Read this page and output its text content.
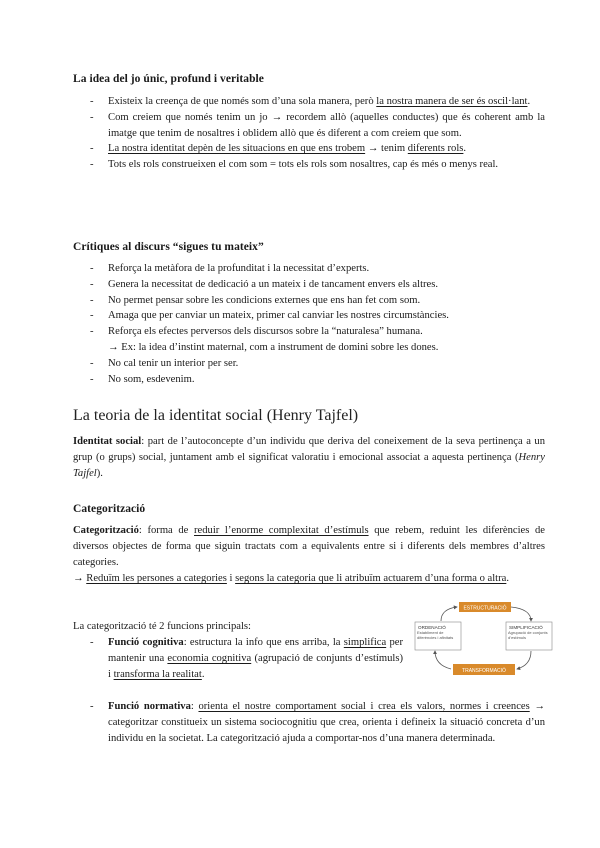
La idea del jo únic, profund i veritable
- Existeix la creença de que només som d’una sola manera, però la nostra manera de ser és oscil·lant.
- Com creiem que només tenim un jo → recordem allò (aquelles conductes) que és coherent amb la imatge que tenim de nosaltres i oblidem allò que és diferent a com creiem que som.
- La nostra identitat depèn de les situacions en que ens trobem → tenim diferents rols.
- Tots els rols construeixen el com som = tots els rols som nosaltres, cap és més o menys real.
Crítiques al discurs “sigues tu mateix”
- Reforça la metàfora de la profunditat i la necessitat d’experts.
- Genera la necessitat de dedicació a un mateix i de tancament envers els altres.
- No permet pensar sobre les condicions externes que ens han fet com som.
- Amaga que per canviar un mateix, primer cal canviar les nostres circumstàncies.
- Reforça els efectes perversos dels discursos sobre la “naturalesa” humana.
→ Ex: la idea d’instint maternal, com a instrument de domini sobre les dones.
- No cal tenir un interior per ser.
- No som, esdevenim.
La teoria de la identitat social (Henry Tajfel)
Identitat social: part de l’autoconcepte d’un individu que deriva del coneixement de la seva pertinença a un grup (o grups) social, juntament amb el significat valoratiu i emocional associat a aquesta pertinença (Henry Tajfel).
Categorització
Categorització: forma de reduir l’enorme complexitat d’estímuls que rebem, reduint les diferències de diversos objectes de forma que siguin tractats com a equivalents entre si i diferents dels membres d’altres categories.
→ Reduïm les persones a categories i segons la categoria que li atribuïm actuarem d’una forma o altra.
La categorització té 2 funcions principals:
- Funció cognitiva: estructura la info que ens arriba, la simplifica per mantenir una economia cognitiva (agrupació de conjunts d’estímuls) i transforma la realitat.
- Funció normativa: orienta el nostre comportament social i crea els valors, normes i creences → categoritzar constitueix un sistema sociocognitiu que crea, orienta i defineix la situació concreta d’un individu en la societat. La categorització ajuda a comportar-nos d’una manera determinada.
ESTRUCTURACIÓ
ORDENACIÓ
Establiment de diferències i afinitats
SIMPLIFICACIÓ
Agrupació de conjunts d’estímuls
TRANSFORMACIÓ
